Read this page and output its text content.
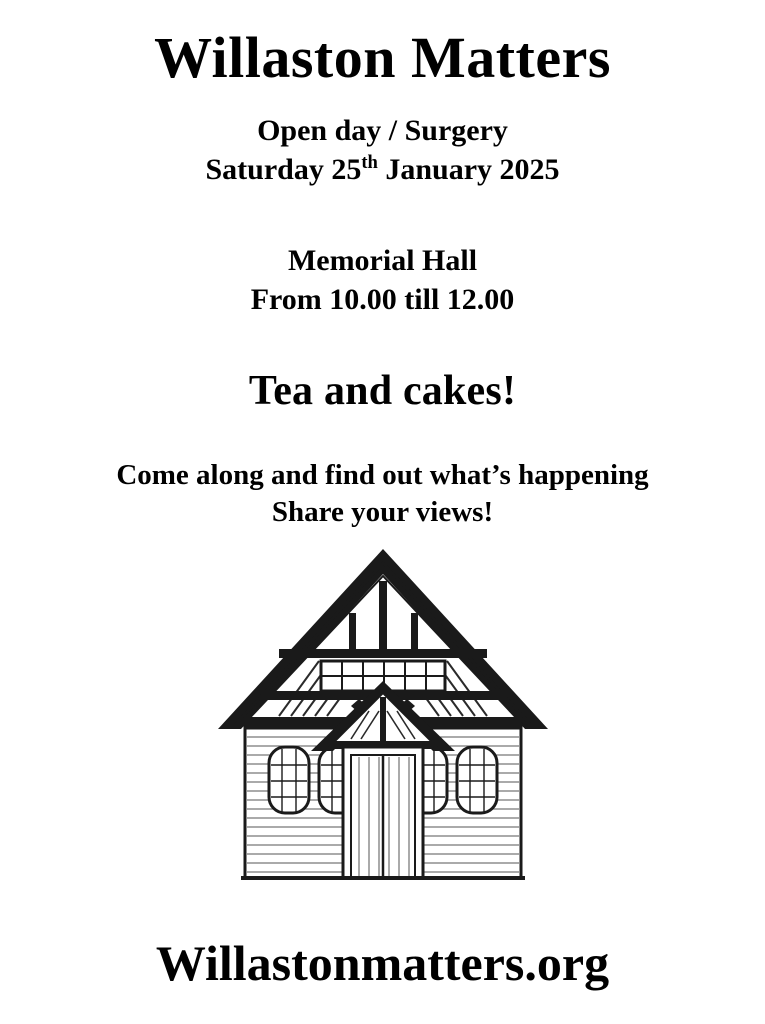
Willaston Matters
Open day / Surgery
Saturday 25th January 2025
Memorial Hall
From 10.00 till 12.00
Tea and cakes!
Come along and find out what’s happening
Share your views!
Willastonmatters.org
